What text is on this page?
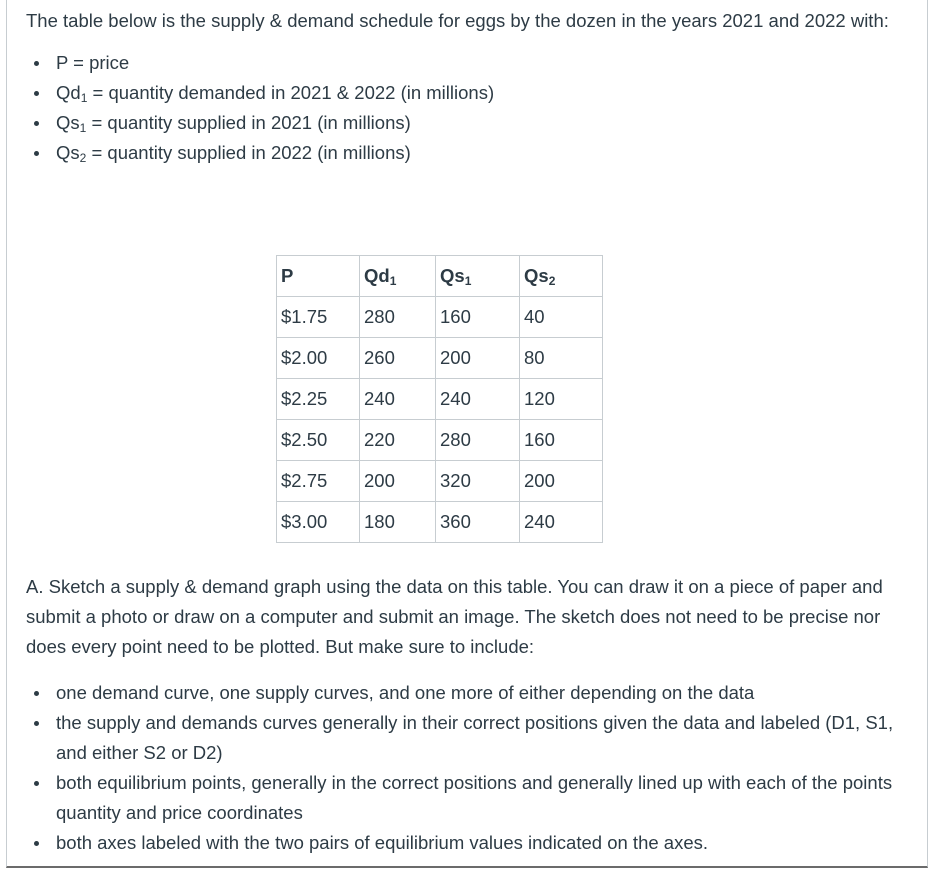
The table below is the supply & demand schedule for eggs by the dozen in the years 2021 and 2022 with:

P = price
$Qd_1$ = quantity demanded in 2021 & 2022 (in millions)
$Qs_1$ = quantity supplied in 2021 (in millions)
$Qs_2$ = quantity supplied in 2022 (in millions)
P	$Qd_1$	$Qs_1$	$Qs_2$
$1.75	280	160	40
$2.00	260	200	80
$2.25	240	240	120
$2.50	220	280	160
$2.75	200	320	200
$3.00	180	360	240

A. Sketch a supply & demand graph using the data on this table. You can draw it on a piece of paper and submit a photo or draw on a computer and submit an image. The sketch does not need to be precise nor does every point need to be plotted. But make sure to include:

one demand curve, one supply curves, and one more of either depending on the data
the supply and demands curves generally in their correct positions given the data and labeled (D1, S1, and either S2 or D2)
both equilibrium points, generally in the correct positions and generally lined up with each of the points quantity and price coordinates
both axes labeled with the two pairs of equilibrium values indicated on the axes.
